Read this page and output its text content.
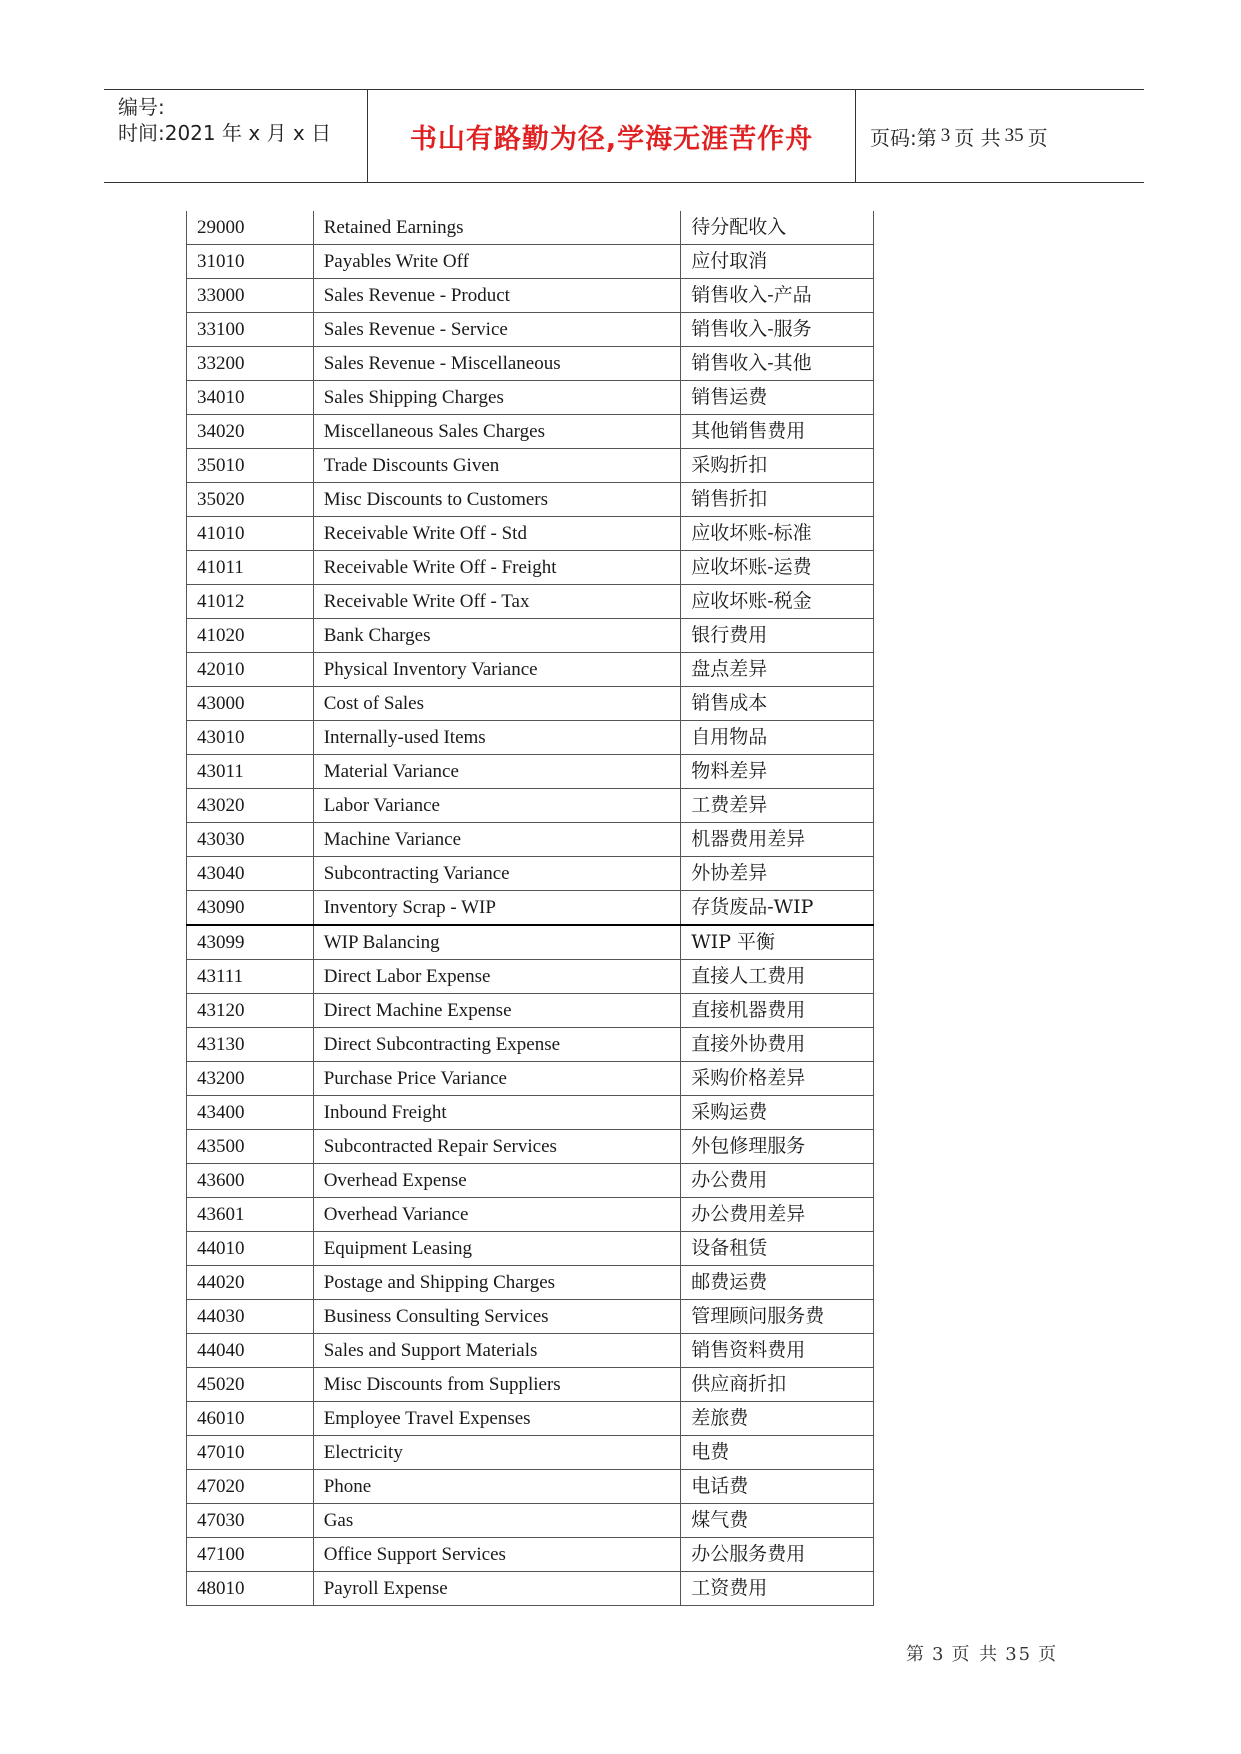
编号:
时间:2021 年 x 月 x 日	书山有路勤为径,学海无涯苦作舟	页码:第 3 页 共 35 页
29000	Retained Earnings	待分配收入
31010	Payables Write Off	应付取消
33000	Sales Revenue - Product	销售收入-产品
33100	Sales Revenue - Service	销售收入-服务
33200	Sales Revenue - Miscellaneous	销售收入-其他
34010	Sales Shipping Charges	销售运费
34020	Miscellaneous Sales Charges	其他销售费用
35010	Trade Discounts Given	采购折扣
35020	Misc Discounts to Customers	销售折扣
41010	Receivable Write Off - Std	应收坏账-标准
41011	Receivable Write Off - Freight	应收坏账-运费
41012	Receivable Write Off - Tax	应收坏账-税金
41020	Bank Charges	银行费用
42010	Physical Inventory Variance	盘点差异
43000	Cost of Sales	销售成本
43010	Internally-used Items	自用物品
43011	Material Variance	物料差异
43020	Labor Variance	工费差异
43030	Machine Variance	机器费用差异
43040	Subcontracting Variance	外协差异
43090	Inventory Scrap - WIP	存货废品-WIP
43099	WIP Balancing	WIP 平衡
43111	Direct Labor Expense	直接人工费用
43120	Direct Machine Expense	直接机器费用
43130	Direct Subcontracting Expense	直接外协费用
43200	Purchase Price Variance	采购价格差异
43400	Inbound Freight	采购运费
43500	Subcontracted Repair Services	外包修理服务
43600	Overhead Expense	办公费用
43601	Overhead Variance	办公费用差异
44010	Equipment Leasing	设备租赁
44020	Postage and Shipping Charges	邮费运费
44030	Business Consulting Services	管理顾问服务费
44040	Sales and Support Materials	销售资料费用
45020	Misc Discounts from Suppliers	供应商折扣
46010	Employee Travel Expenses	差旅费
47010	Electricity	电费
47020	Phone	电话费
47030	Gas	煤气费
47100	Office Support Services	办公服务费用
48010	Payroll Expense	工资费用
第 3 页 共 35 页
